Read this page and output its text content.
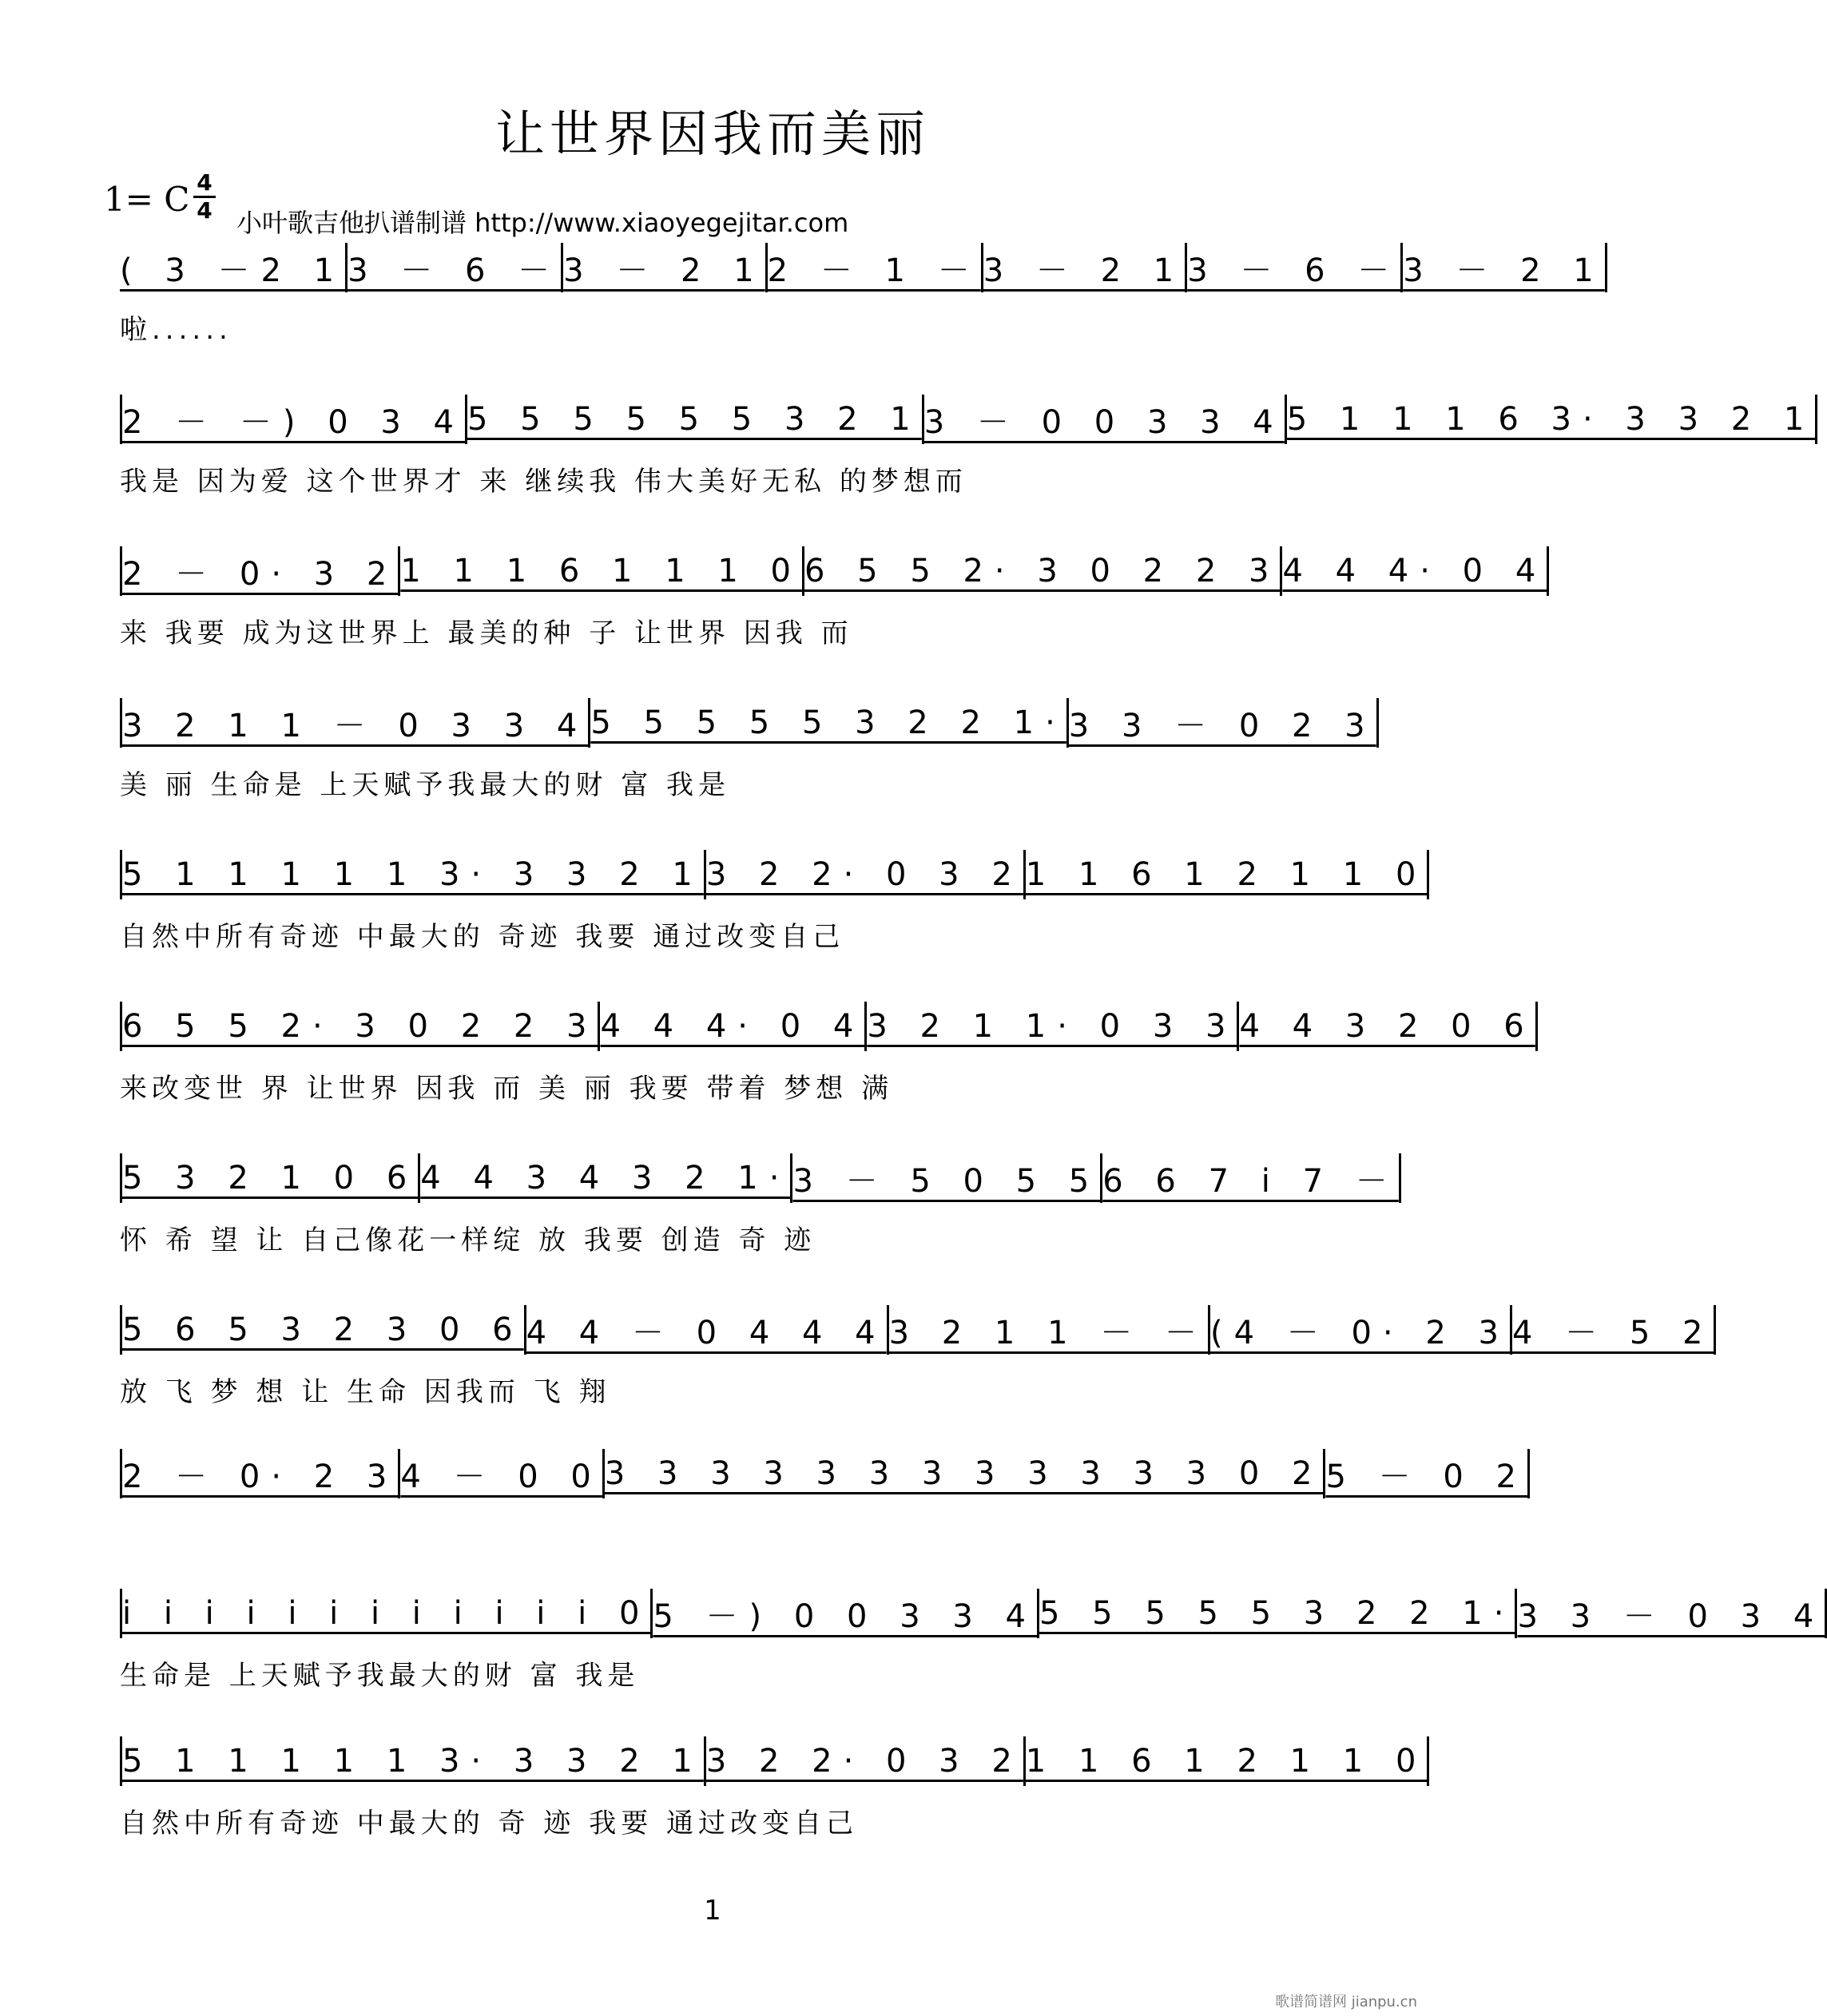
让世界因我而美丽
1= C 4
4 小叶歌吉他扒谱制谱 http://www.xiaoyegejitar.com
( 3 －2 1 3 － 6 － 3 － 2 1 2 － 1 － 3 － 2 1 3 － 6 － 3 － 2 1
啦......
2 － －) 0 3 4 5 5 5 5 5 5 3 2 1 3 － 0 0 3 3 4 5 1 1 1 6 3· 3 3 2 1
我是 因为爱 这个世界才 来 继续我 伟大美好无私 的梦想而
2 － 0· 3 2 1 1 1 6 1 1 1 0 6 5 5 2· 3 0 2 2 3 4 4 4· 0 4
来 我要 成为这世界上 最美的种 子 让世界 因我 而
3 2 1 1 － 0 3 3 4 5 5 5 5 5 3 2 2 1· 3 3 － 0 2 3
美 丽 生命是 上天赋予我最大的财 富 我是
5 1 1 1 1 1 3· 3 3 2 1 3 2 2· 0 3 2 1 1 6 1 2 1 1 0
自然中所有奇迹 中最大的 奇迹 我要 通过改变自己
6 5 5 2· 3 0 2 2 3 4 4 4· 0 4 3 2 1 1· 0 3 3 4 4 3 2 0 6
来改变世 界 让世界 因我 而 美 丽 我要 带着 梦想 满
5 3 2 1 0 6 4 4 3 4 3 2 1· 3 － 5 0 5 5 6 6 7 i 7 －
怀 希 望 让 自己像花一样绽 放 我要 创造 奇 迹
5 6 5 3 2 3 0 6 4 4 － 0 4 4 4 3 2 1 1 － － (4 － 0· 2 3 4 － 5 2
放 飞 梦 想 让 生命 因我而 飞 翔
2 － 0· 2 3 4 － 0 0 3 3 3 3 3 3 3 3 3 3 3 3 0 2 5 － 0 2
i i i i i i i i i i i i 0 5 －) 0 0 3 3 4 5 5 5 5 5 3 2 2 1· 3 3 － 0 3 4
生命是 上天赋予我最大的财 富 我是
5 1 1 1 1 1 3· 3 3 2 1 3 2 2· 0 3 2 1 1 6 1 2 1 1 0
自然中所有奇迹 中最大的 奇 迹 我要 通过改变自己
1
歌谱简谱网 jianpu.cn
